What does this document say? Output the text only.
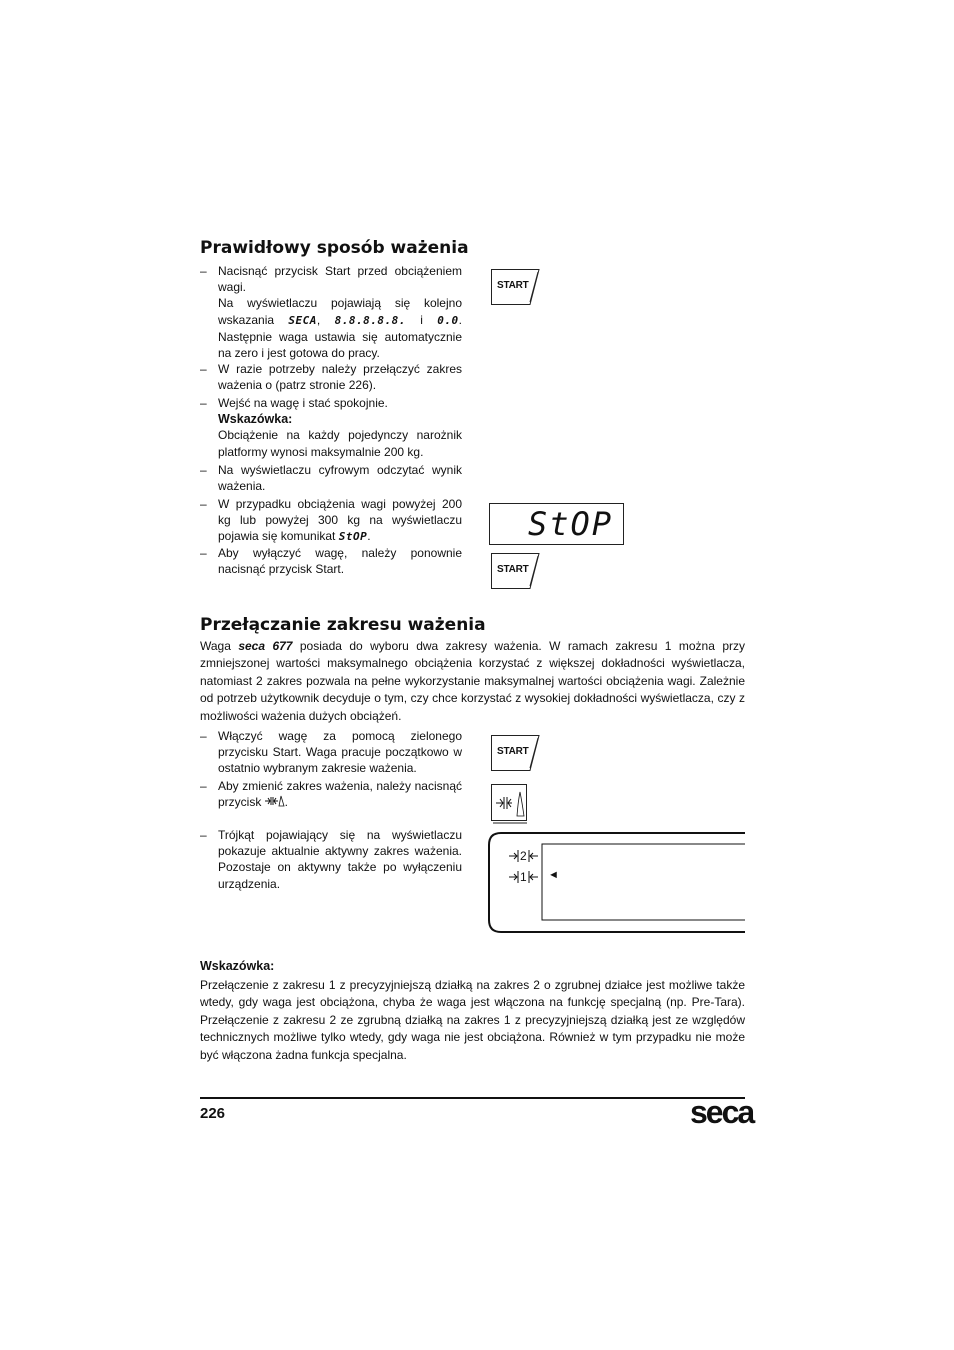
Prawidłowy sposób ważenia
– Nacisnąć przycisk Start przed obciążeniem wagi.
Na wyświetlaczu pojawiają się kolejno wskazania SECA, 8.8.8.8.8. i 0.0. Następnie waga ustawia się automatycznie na zero i jest gotowa do pracy.
– W razie potrzeby należy przełączyć zakres ważenia o (patrz stronie 226).
– Wejść na wagę i stać spokojnie.
Wskazówka:
Obciążenie na każdy pojedynczy narożnik platformy wynosi maksymalnie 200 kg.
– Na wyświetlaczu cyfrowym odczytać wynik ważenia.
– W przypadku obciążenia wagi powyżej 200 kg lub powyżej 300 kg na wyświetlaczu pojawia się komunikat StOP.
– Aby wyłączyć wagę, należy ponownie nacisnąć przycisk Start.
START
StOP
START
Przełączanie zakresu ważenia
Waga seca 677 posiada do wyboru dwa zakresy ważenia. W ramach zakresu 1 można przy zmniejszonej wartości maksymalnego obciążenia korzystać z większej dokładności wyświetlacza, natomiast 2 zakres pozwala na pełne wykorzystanie maksymalnej wartości obciążenia wagi. Zależnie od potrzeb użytkownik decyduje o tym, czy chce korzystać z wysokiej dokładności wyświetlacza, czy z możliwości ważenia dużych obciążeń.
– Włączyć wagę za pomocą zielonego przycisku Start. Waga pracuje początkowo w ostatnio wybranym zakresie ważenia.
– Aby zmienić zakres ważenia, należy nacisnąć przycisk .
– Trójkąt pojawiający się na wyświetlaczu pokazuje aktualnie aktywny zakres ważenia. Pozostaje on aktywny także po wyłączeniu urządzenia.
START
2
1 ◄
Wskazówka:
Przełączenie z zakresu 1 z precyzyjniejszą działką na zakres 2 o zgrubnej działce jest możliwe także wtedy, gdy waga jest obciążona, chyba że waga jest włączona na funkcję specjalną (np. Pre-Tara). Przełączenie z zakresu 2 ze zgrubną działką na zakres 1 z precyzyjniejszą działką jest ze względów technicznych możliwe tylko wtedy, gdy waga nie jest obciążona. Również w tym przypadku nie może być włączona żadna funkcja specjalna.
226	seca
